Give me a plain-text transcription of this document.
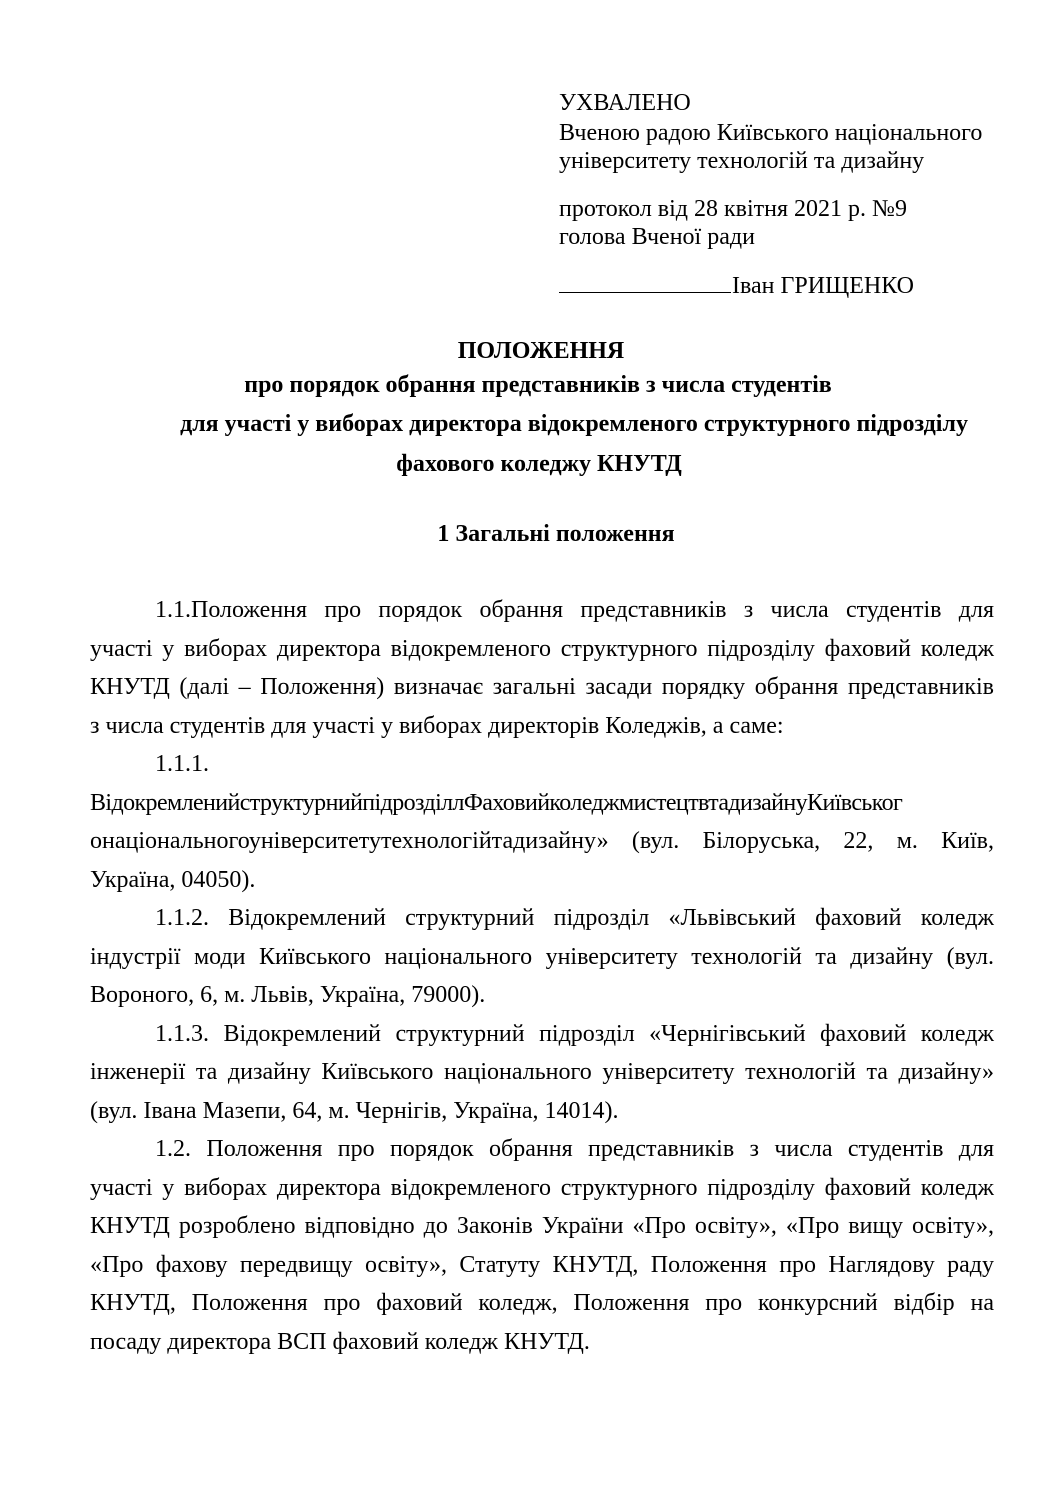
УХВАЛЕНО
Вченою радою Київського національного
університету технологій та дизайну
протокол від 28 квітня 2021 р. №9
голова Вченої ради
Іван ГРИЩЕНКО
ПОЛОЖЕННЯ
про порядок обрання представників з числа студентів
для участі у виборах директора відокремленого структурного підрозділу
фахового коледжу КНУТД
1 Загальні положення
1.1.Положення про порядок обрання представників з числа студентів для
участі у виборах директора відокремленого структурного підрозділу фаховий коледж
КНУТД (далі – Положення) визначає загальні засади порядку обрання представників
з числа студентів для участі у виборах директорів Коледжів, а саме:
1.1.1.
ВідокремленийструктурнийпідрозділлФаховийколеджмистецтвтадизайнуКиївськог
онаціональногоуніверситетутехнологійтадизайну» (вул. Білоруська, 22, м. Київ,
Україна, 04050).
1.1.2. Відокремлений структурний підрозділ «Львівський фаховий коледж
індустрії моди Київського національного університету технологій та дизайну (вул.
Вороного, 6, м. Львів, Україна, 79000).
1.1.3. Відокремлений структурний підрозділ «Чернігівський фаховий коледж
інженерії та дизайну Київського національного університету технологій та дизайну»
(вул. Івана Мазепи, 64, м. Чернігів, Україна, 14014).
1.2. Положення про порядок обрання представників з числа студентів для
участі у виборах директора відокремленого структурного підрозділу фаховий коледж
КНУТД розроблено відповідно до Законів України «Про освіту», «Про вищу освіту»,
«Про фахову передвищу освіту», Статуту КНУТД, Положення про Наглядову раду
КНУТД, Положення про фаховий коледж, Положення про конкурсний відбір на
посаду директора ВСП фаховий коледж КНУТД.
